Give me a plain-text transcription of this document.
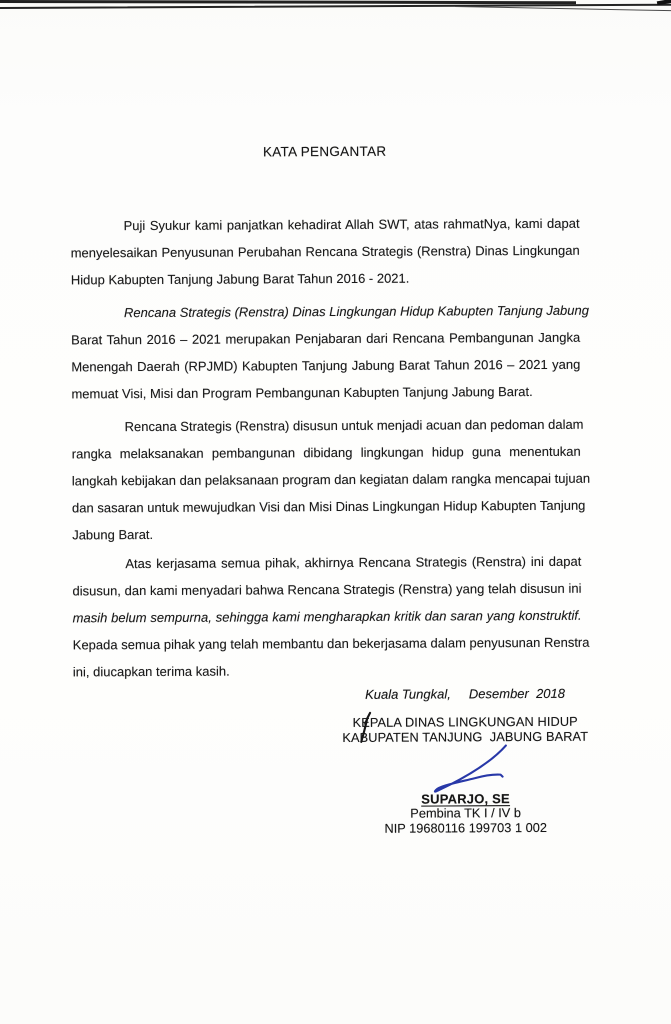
KATA PENGANTAR
Puji Syukur kami panjatkan kehadirat Allah SWT, atas rahmatNya, kami dapat
menyelesaikan Penyusunan Perubahan Rencana Strategis (Renstra) Dinas Lingkungan
Hidup Kabupten Tanjung Jabung Barat Tahun 2016 - 2021.
Rencana Strategis (Renstra) Dinas Lingkungan Hidup Kabupten Tanjung Jabung
Barat Tahun 2016 – 2021 merupakan Penjabaran dari Rencana Pembangunan Jangka
Menengah Daerah (RPJMD) Kabupten Tanjung Jabung Barat Tahun 2016 – 2021 yang
memuat Visi, Misi dan Program Pembangunan Kabupten Tanjung Jabung Barat.
Rencana Strategis (Renstra) disusun untuk menjadi acuan dan pedoman dalam
rangka melaksanakan pembangunan dibidang lingkungan hidup guna menentukan
langkah kebijakan dan pelaksanaan program dan kegiatan dalam rangka mencapai tujuan
dan sasaran untuk mewujudkan Visi dan Misi Dinas Lingkungan Hidup Kabupten Tanjung
Jabung Barat.
Atas kerjasama semua pihak, akhirnya Rencana Strategis (Renstra) ini dapat
disusun, dan kami menyadari bahwa Rencana Strategis (Renstra) yang telah disusun ini
masih belum sempurna, sehingga kami mengharapkan kritik dan saran yang konstruktif.
Kepada semua pihak yang telah membantu dan bekerjasama dalam penyusunan Renstra
ini, diucapkan terima kasih.
Kuala Tungkal,     Desember  2018
KEPALA DINAS LINGKUNGAN HIDUP
KABUPATEN TANJUNG  JABUNG BARAT
SUPARJO, SE
Pembina TK I / IV b
NIP 19680116 199703 1 002
